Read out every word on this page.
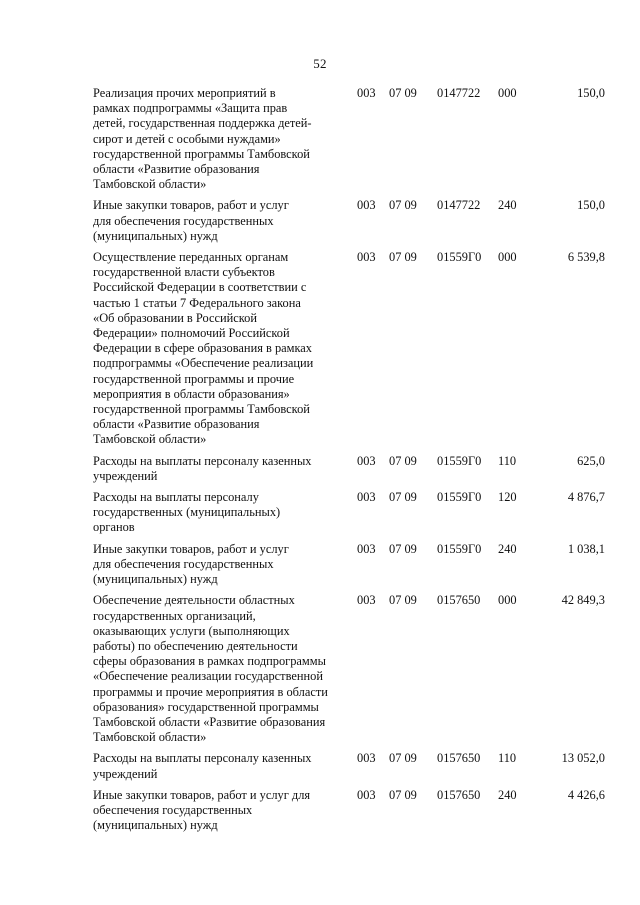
52
Реализация прочих мероприятий в
рамках подпрограммы «Защита прав
детей, государственная поддержка детей-
сирот и детей с особыми нуждами»
государственной программы Тамбовской
области «Развитие образования
Тамбовской области»
003 07 09 0147722 000	150,0
Иные закупки товаров, работ и услуг
для обеспечения государственных
(муниципальных) нужд
003 07 09 0147722 240	150,0
Осуществление переданных органам
государственной власти субъектов
Российской Федерации в соответствии с
частью 1 статьи 7 Федерального закона
«Об образовании в Российской
Федерации» полномочий Российской
Федерации в сфере образования в рамках
подпрограммы «Обеспечение реализации
государственной программы и прочие
мероприятия в области образования»
государственной программы Тамбовской
области «Развитие образования
Тамбовской области»
003 07 09 01559Г0 000	6 539,8
Расходы на выплаты персоналу казенных
учреждений
003 07 09 01559Г0 110	625,0
Расходы на выплаты персоналу
государственных (муниципальных)
органов
003 07 09 01559Г0 120	4 876,7
Иные закупки товаров, работ и услуг
для обеспечения государственных
(муниципальных) нужд
003 07 09 01559Г0 240	1 038,1
Обеспечение деятельности областных
государственных организаций,
оказывающих услуги (выполняющих
работы) по обеспечению деятельности
сферы образования в рамках подпрограммы
«Обеспечение реализации государственной
программы и прочие мероприятия в области
образования» государственной программы
Тамбовской области «Развитие образования
Тамбовской области»
003 07 09 0157650 000	42 849,3
Расходы на выплаты персоналу казенных
учреждений
003 07 09 0157650 110	13 052,0
Иные закупки товаров, работ и услуг для
обеспечения государственных
(муниципальных) нужд
003 07 09 0157650 240	4 426,6
